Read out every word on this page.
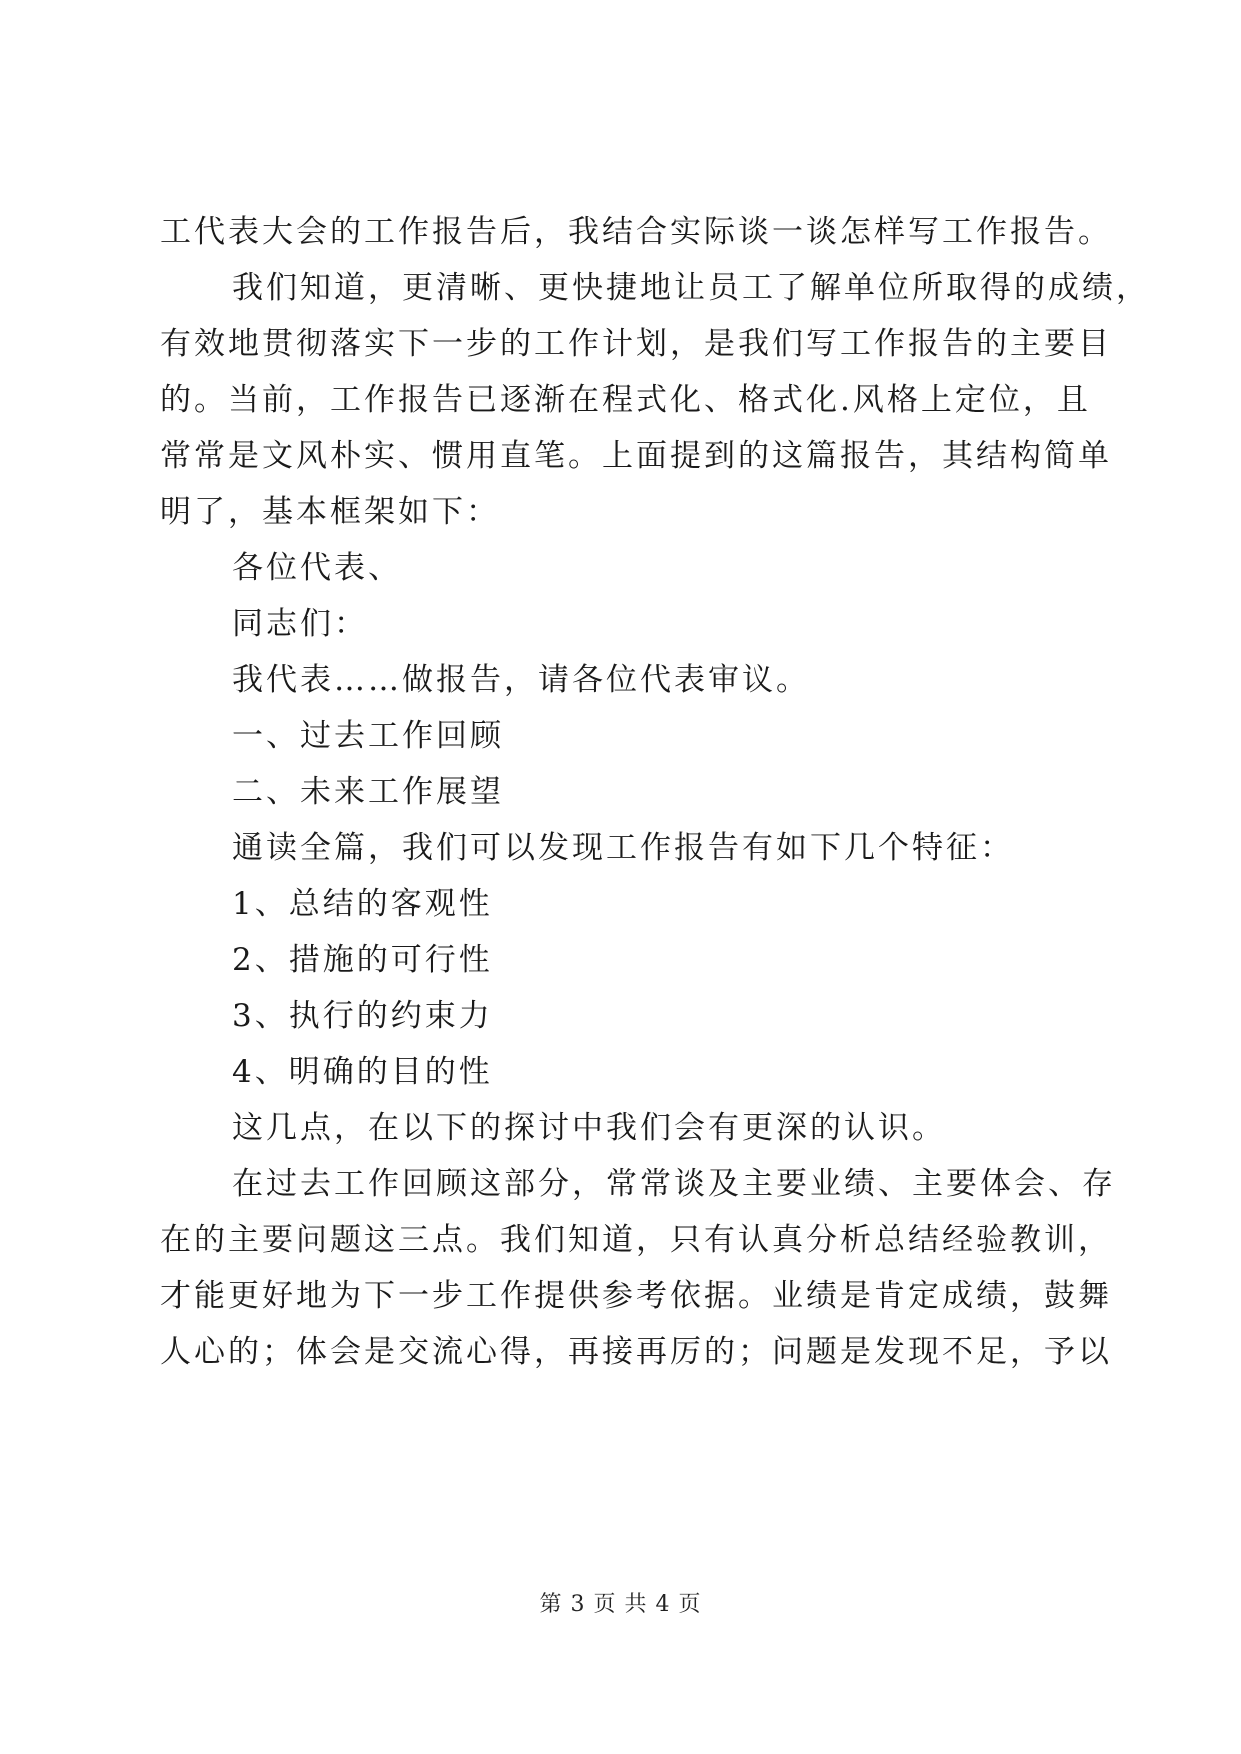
工代表大会的工作报告后，我结合实际谈一谈怎样写工作报告。
我们知道，更清晰、更快捷地让员工了解单位所取得的成绩，
有效地贯彻落实下一步的工作计划，是我们写工作报告的主要目
的。当前，工作报告已逐渐在程式化、格式化.风格上定位，且
常常是文风朴实、惯用直笔。上面提到的这篇报告，其结构简单
明了，基本框架如下：
各位代表、
同志们：
我代表……做报告，请各位代表审议。
一、过去工作回顾
二、未来工作展望
通读全篇，我们可以发现工作报告有如下几个特征：
1、总结的客观性
2、措施的可行性
3、执行的约束力
4、明确的目的性
这几点，在以下的探讨中我们会有更深的认识。
在过去工作回顾这部分，常常谈及主要业绩、主要体会、存
在的主要问题这三点。我们知道，只有认真分析总结经验教训，
才能更好地为下一步工作提供参考依据。业绩是肯定成绩，鼓舞
人心的；体会是交流心得，再接再厉的；问题是发现不足，予以
第 3 页 共 4 页
